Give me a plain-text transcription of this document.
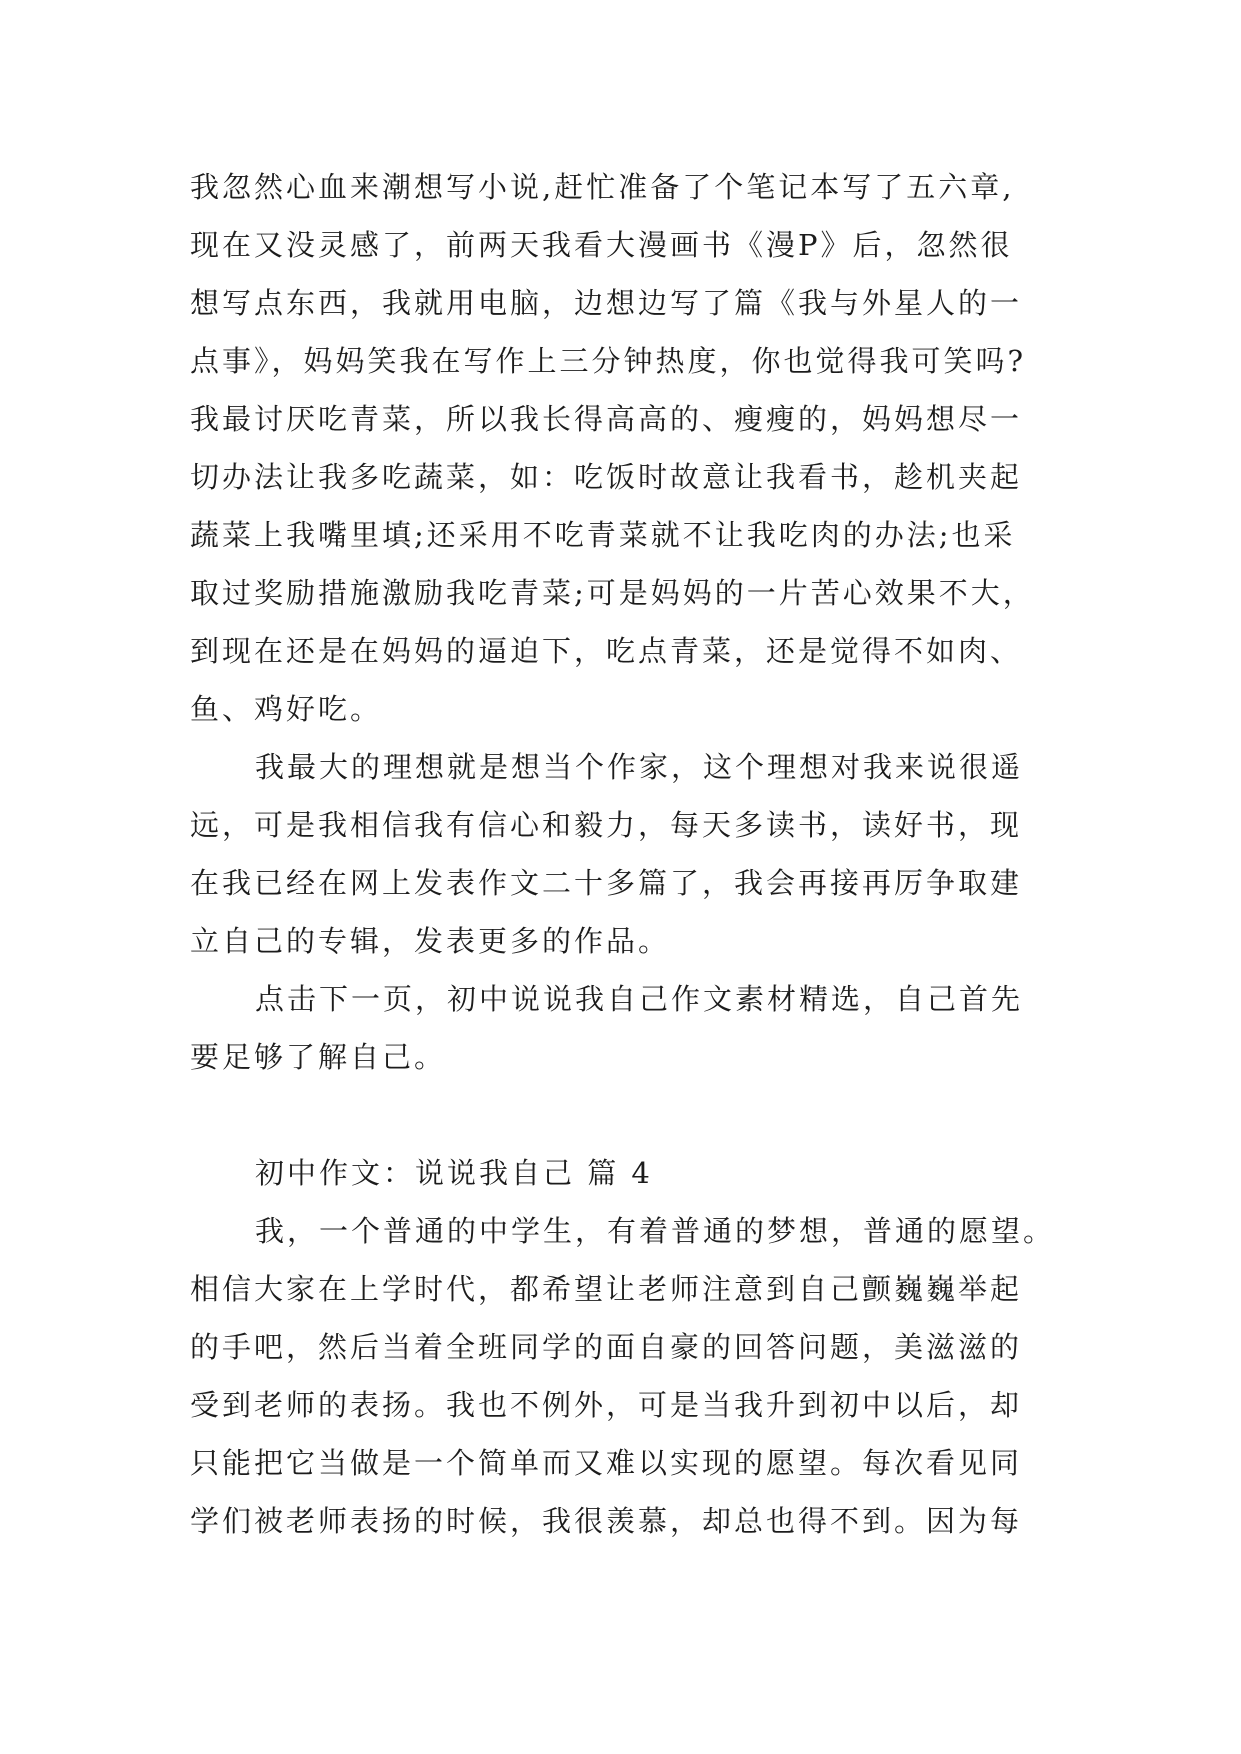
我忽然心血来潮想写小说,赶忙准备了个笔记本写了五六章,
现在又没灵感了，前两天我看大漫画书《漫P》后，忽然很
想写点东西，我就用电脑，边想边写了篇《我与外星人的一
点事》，妈妈笑我在写作上三分钟热度，你也觉得我可笑吗?
我最讨厌吃青菜，所以我长得高高的、瘦瘦的，妈妈想尽一
切办法让我多吃蔬菜，如：吃饭时故意让我看书，趁机夹起
蔬菜上我嘴里填;还采用不吃青菜就不让我吃肉的办法;也采
取过奖励措施激励我吃青菜;可是妈妈的一片苦心效果不大，
到现在还是在妈妈的逼迫下，吃点青菜，还是觉得不如肉、
鱼、鸡好吃。
我最大的理想就是想当个作家，这个理想对我来说很遥
远，可是我相信我有信心和毅力，每天多读书，读好书，现
在我已经在网上发表作文二十多篇了，我会再接再厉争取建
立自己的专辑，发表更多的作品。
点击下一页，初中说说我自己作文素材精选，自己首先
要足够了解自己。
初中作文：说说我自己 篇 4
我，一个普通的中学生，有着普通的梦想，普通的愿望。
相信大家在上学时代，都希望让老师注意到自己颤巍巍举起
的手吧，然后当着全班同学的面自豪的回答问题，美滋滋的
受到老师的表扬。我也不例外，可是当我升到初中以后，却
只能把它当做是一个简单而又难以实现的愿望。每次看见同
学们被老师表扬的时候，我很羡慕，却总也得不到。因为每
